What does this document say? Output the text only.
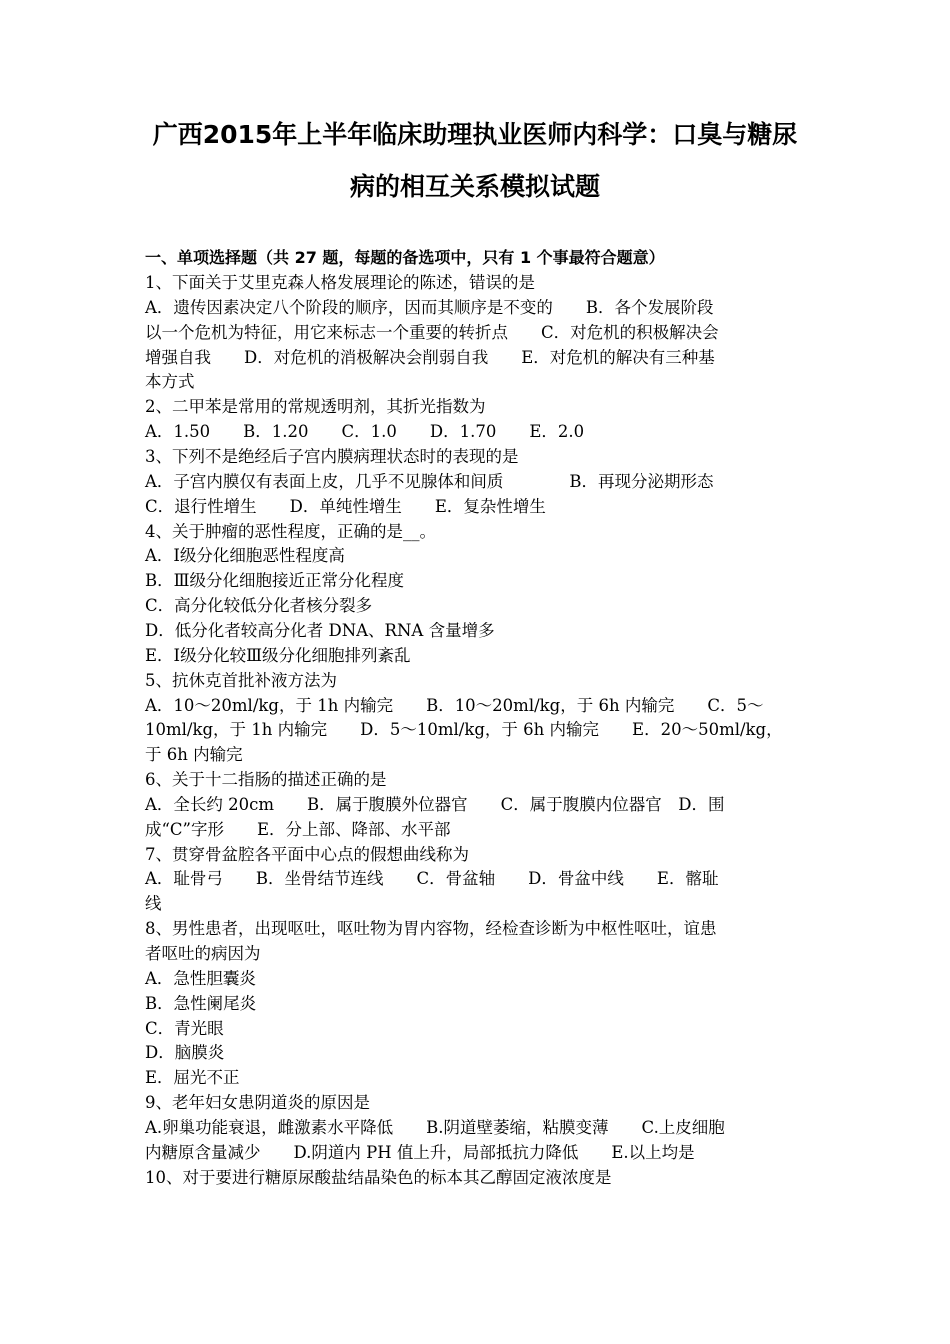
广西2015年上半年临床助理执业医师内科学：口臭与糖尿
病的相互关系模拟试题
一、单项选择题（共 27 题，每题的备选项中，只有 1 个事最符合题意）
1、下面关于艾里克森人格发展理论的陈述，错误的是
A．遗传因素决定八个阶段的顺序，因而其顺序是不变的　　B．各个发展阶段
以一个危机为特征，用它来标志一个重要的转折点　　C．对危机的积极解决会
增强自我　　D．对危机的消极解决会削弱自我　　E．对危机的解决有三种基
本方式
2、二甲苯是常用的常规透明剂，其折光指数为
A．1.50　　B．1.20　　C．1.0　　D．1.70　　E．2.0
3、下列不是绝经后子宫内膜病理状态时的表现的是
A．子宫内膜仅有表面上皮，几乎不见腺体和间质　　　　B．再现分泌期形态
C．退行性增生　　D．单纯性增生　　E．复杂性增生
4、关于肿瘤的恶性程度，正确的是__。
A．Ⅰ级分化细胞恶性程度高
B．Ⅲ级分化细胞接近正常分化程度
C．高分化较低分化者核分裂多
D．低分化者较高分化者 DNA、RNA 含量增多
E．Ⅰ级分化较Ⅲ级分化细胞排列紊乱
5、抗休克首批补液方法为
A．10～20ml/kg，于 1h 内输完　　B．10～20ml/kg，于 6h 内输完　　C．5～
10ml/kg，于 1h 内输完　　D．5～10ml/kg，于 6h 内输完　　E．20～50ml/kg，
于 6h 内输完
6、关于十二指肠的描述正确的是
A．全长约 20cm　　B．属于腹膜外位器官　　C．属于腹膜内位器官　D．围
成“C”字形　　E．分上部、降部、水平部
7、贯穿骨盆腔各平面中心点的假想曲线称为
A．耻骨弓　　B．坐骨结节连线　　C．骨盆轴　　D．骨盆中线　　E．髂耻
线
8、男性患者，出现呕吐，呕吐物为胃内容物，经检查诊断为中枢性呕吐，谊患
者呕吐的病因为
A．急性胆囊炎
B．急性阑尾炎
C．青光眼
D．脑膜炎
E．屈光不正
9、老年妇女患阴道炎的原因是
A.卵巢功能衰退，雌激素水平降低　　B.阴道壁萎缩，粘膜变薄　　C.上皮细胞
内糖原含量减少　　D.阴道内 PH 值上升，局部抵抗力降低　　E.以上均是
10、对于要进行糖原尿酸盐结晶染色的标本其乙醇固定液浓度是
